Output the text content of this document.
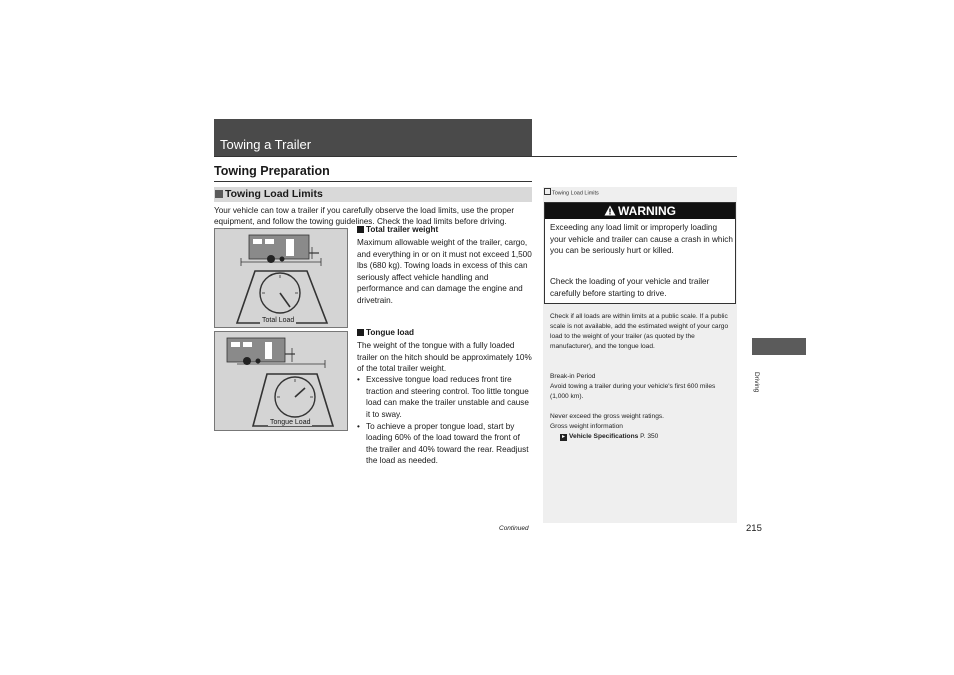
Towing a Trailer
Towing Preparation
Towing Load Limits
Your vehicle can tow a trailer if you carefully observe the load limits, use the proper equipment, and follow the towing guidelines. Check the load limits before driving.
Total Load
Tongue Load
Total trailer weight
Maximum allowable weight of the trailer, cargo, and everything in or on it must not exceed 1,500 lbs (680 kg). Towing loads in excess of this can seriously affect vehicle handling and performance and can damage the engine and drivetrain.
Tongue load
The weight of the tongue with a fully loaded trailer on the hitch should be approximately 10% of the total trailer weight.
• Excessive tongue load reduces front tire traction and steering control. Too little tongue load can make the trailer unstable and cause it to sway.
• To achieve a proper tongue load, start by loading 60% of the load toward the front of the trailer and 40% toward the rear. Readjust the load as needed.
Towing Load Limits
WARNING
Exceeding any load limit or improperly loading your vehicle and trailer can cause a crash in which you can be seriously hurt or killed.
Check the loading of your vehicle and trailer carefully before starting to drive.
Check if all loads are within limits at a public scale. If a public scale is not available, add the estimated weight of your cargo load to the weight of your trailer (as quoted by the manufacturer), and the tongue load.
Break-in Period
Avoid towing a trailer during your vehicle's first 600 miles (1,000 km).
Never exceed the gross weight ratings.
Gross weight information
▸ Vehicle Specifications P. 350
Driving
Continued	215
